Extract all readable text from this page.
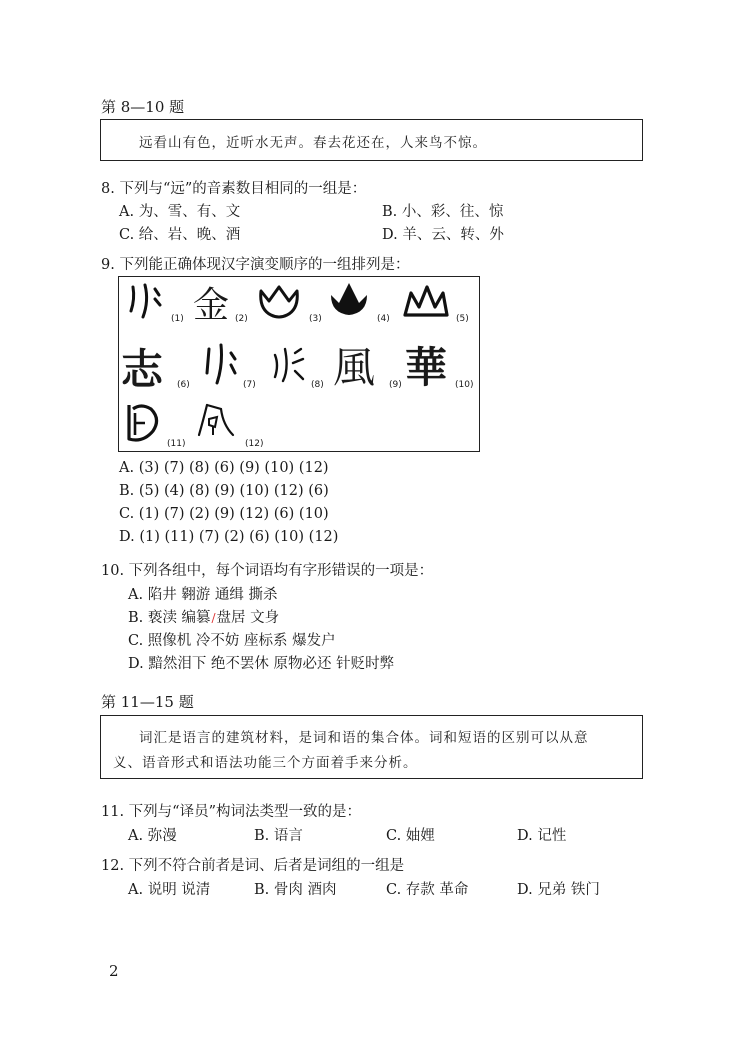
第 8—10 题
远看山有色，近听水无声。春去花还在，人来鸟不惊。
8. 下列与“远”的音素数目相同的一组是：
A. 为、雪、有、文	B. 小、彩、往、惊
C. 给、岩、晚、酒	D. 羊、云、转、外
9. 下列能正确体现汉字演变顺序的一组排列是：
(1) 金 (2)	(3)	(4)	(5)
志 (6)	(7)	(8) 風 (9) 華 (10)
(11)	(12)
A. (3) (7) (8) (6) (9) (10) (12)
B. (5) (4) (8) (9) (10) (12) (6)
C. (1) (7) (2) (9) (12) (6) (10)
D. (1) (11) (7) (2) (6) (10) (12)
10. 下列各组中，每个词语均有字形错误的一项是：
A. 陷井 翱游 通缉 撕杀
B. 亵渎 编篡/盘居 文身
C. 照像机 冷不妨 座标系 爆发户
D. 黯然泪下 绝不罢休 原物必还 针贬时弊
第 11—15 题
词汇是语言的建筑材料，是词和语的集合体。词和短语的区别可以从意
义、语音形式和语法功能三个方面着手来分析。
11. 下列与“译员”构词法类型一致的是：
A. 弥漫	B. 语言	C. 妯娌	D. 记性
12. 下列不符合前者是词、后者是词组的一组是
A. 说明 说清	B. 骨肉 酒肉	C. 存款 革命	D. 兄弟 铁门
2
